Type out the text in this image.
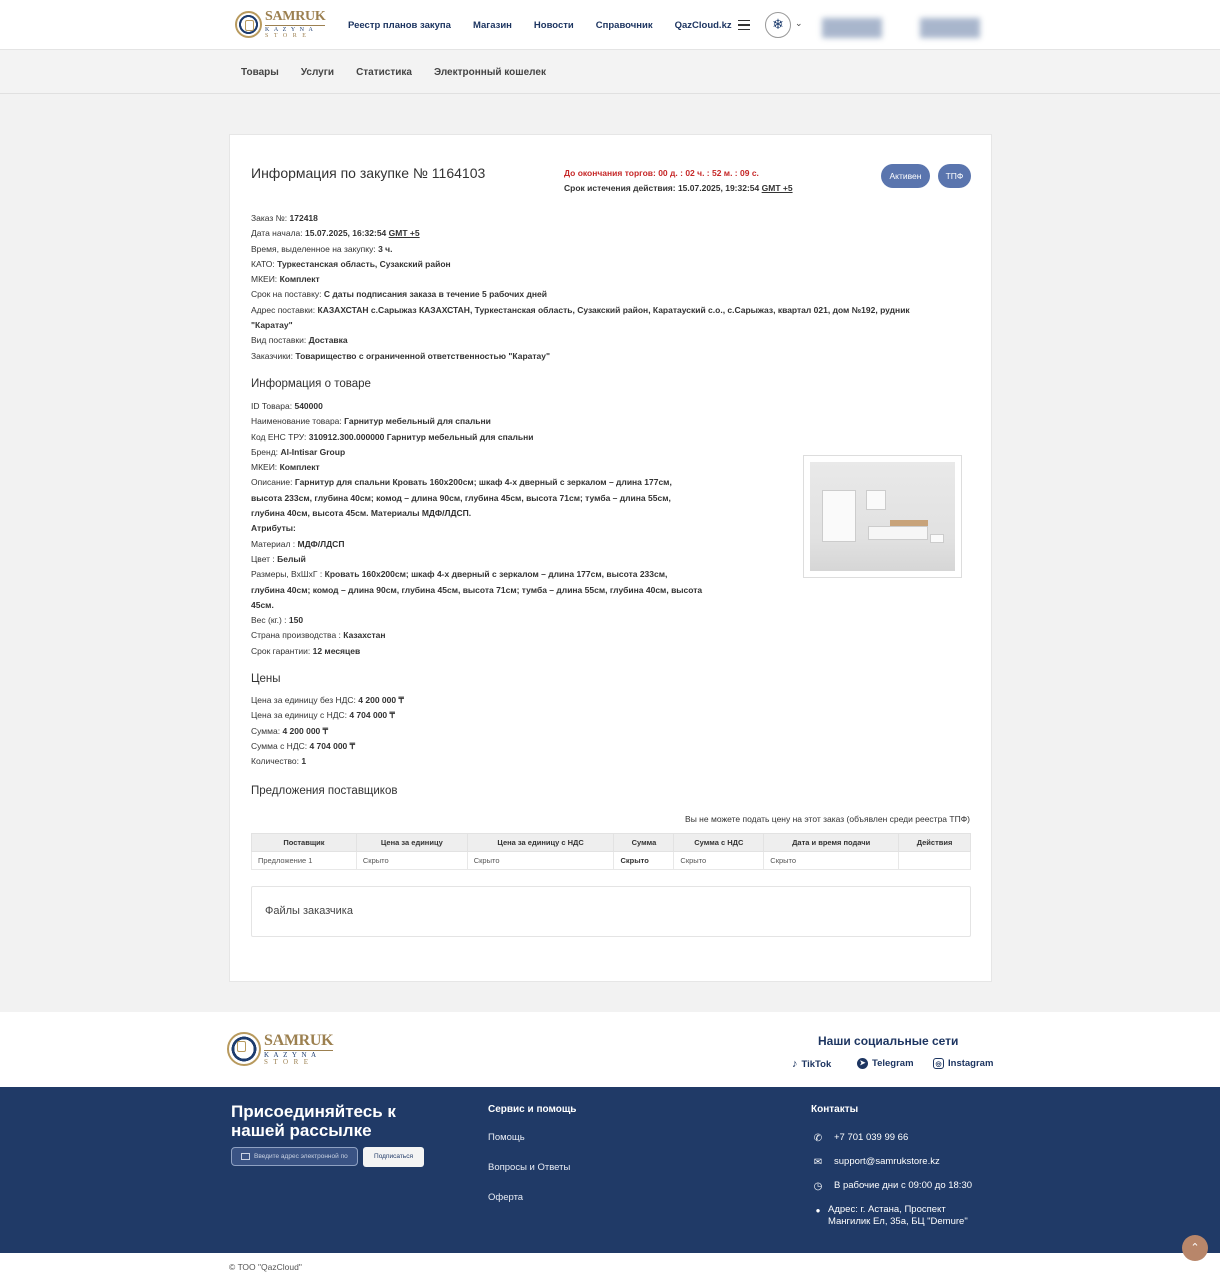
SAMRUK
KAZYNA
STORE
Реестр планов закупа Магазин Новости Справочник QazCloud.kz	❄	⌄
Товары Услуги Статистика Электронный кошелек
Информация по закупке № 1164103	До окончания торгов: 00 д. : 02 ч. : 52 м. : 09 с.
Срок истечения действия: 15.07.2025, 19:32:54 GMT +5
Активен	ТПФ
Заказ №: 172418
Дата начала: 15.07.2025, 16:32:54 GMT +5
Время, выделенное на закупку: 3 ч.
КАТО: Туркестанская область, Сузакский район
МКЕИ: Комплект
Срок на поставку: С даты подписания заказа в течение 5 рабочих дней
Адрес поставки: КАЗАХСТАН с.Сарыжаз КАЗАХСТАН, Туркестанская область, Сузакский район, Каратауский с.о., с.Сарыжаз, квартал 021, дом №192, рудник
"Каратау"
Вид поставки: Доставка
Заказчики: Товарищество с ограниченной ответственностью "Каратау"
Информация о товаре
ID Товара: 540000
Наименование товара: Гарнитур мебельный для спальни
Код ЕНС ТРУ: 310912.300.000000 Гарнитур мебельный для спальни
Бренд: Al-Intisar Group
МКЕИ: Комплект
Описание: Гарнитур для спальни Кровать 160х200см; шкаф 4-х дверный с зеркалом – длина 177см,
высота 233см, глубина 40см; комод – длина 90см, глубина 45см, высота 71см; тумба – длина 55см,
глубина 40см, высота 45см. Материалы МДФ/ЛДСП.
Атрибуты:
Материал : МДФ/ЛДСП
Цвет : Белый
Размеры, ВхШхГ : Кровать 160х200см; шкаф 4-х дверный с зеркалом – длина 177см, высота 233см,
глубина 40см; комод – длина 90см, глубина 45см, высота 71см; тумба – длина 55см, глубина 40см, высота
45см.
Вес (кг.) : 150
Страна производства : Казахстан
Срок гарантии: 12 месяцев
Цены
Цена за единицу без НДС: 4 200 000 ₸
Цена за единицу с НДС: 4 704 000 ₸
Сумма: 4 200 000 ₸
Сумма с НДС: 4 704 000 ₸
Количество: 1
Предложения поставщиков
Вы не можете подать цену на этот заказ (объявлен среди реестра ТПФ)
Поставщик	Цена за единицу	Цена за единицу с НДС	Сумма	Сумма с НДС	Дата и время подачи	Действия
Предложение 1	Скрыто	Скрыто	Скрыто	Скрыто	Скрыто	
Файлы заказчика
SAMRUK
KAZYNA
STORE
Наши социальные сети
♪ TikTok	➤ Telegram	◎ Instagram
Присоединяйтесь к нашей рассылке
Введите адрес электронной по	Подписаться
Сервис и помощь
Помощь
Вопросы и Ответы
Оферта
Контакты
✆ +7 701 039 99 66
✉ support@samrukstore.kz
◷ В рабочие дни с 09:00 до 18:30
● Адрес: г. Астана, Проспект
Мангилик Ел, 35а, БЦ "Demure"
© ТОО "QazCloud"
⌃
